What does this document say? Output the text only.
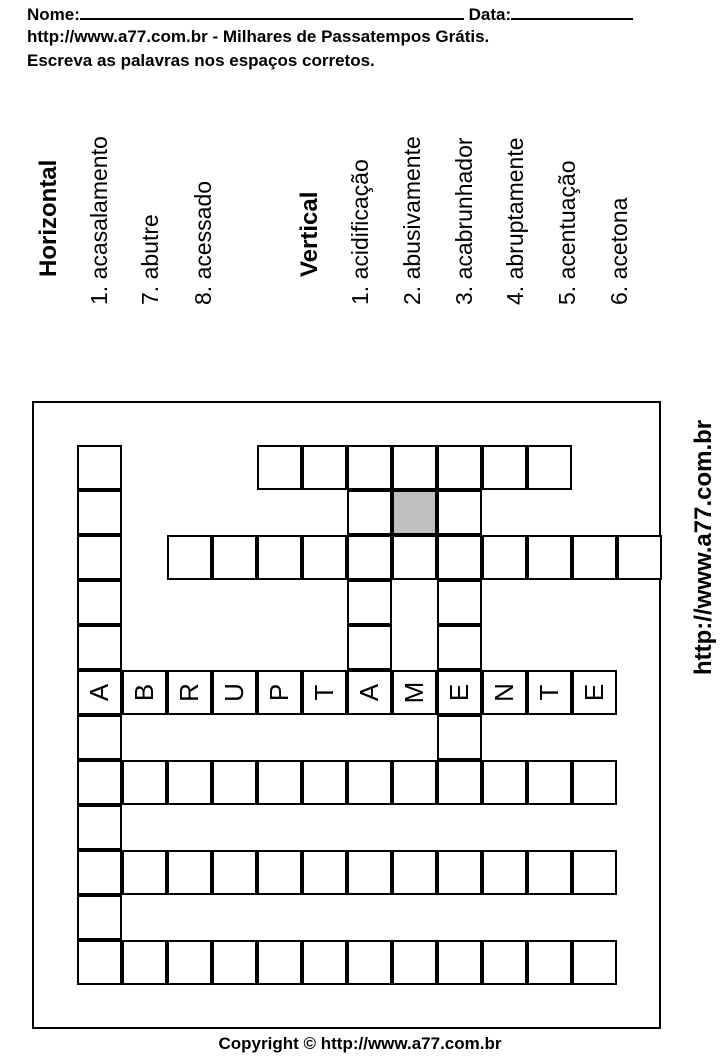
Nome:	Data:
http://www.a77.com.br - Milhares de Passatempos Grátis.
Escreva as palavras nos espaços corretos.
Horizontal 1. acasalamento 7. abutre 8. acessado	Vertical 1. acidificação 2. abusivamente 3. acabrunhador 4. abruptamente 5. acentuação 6. acetona
A B R U P T A M E N T E
http://www.a77.com.br
Copyright © http://www.a77.com.br
